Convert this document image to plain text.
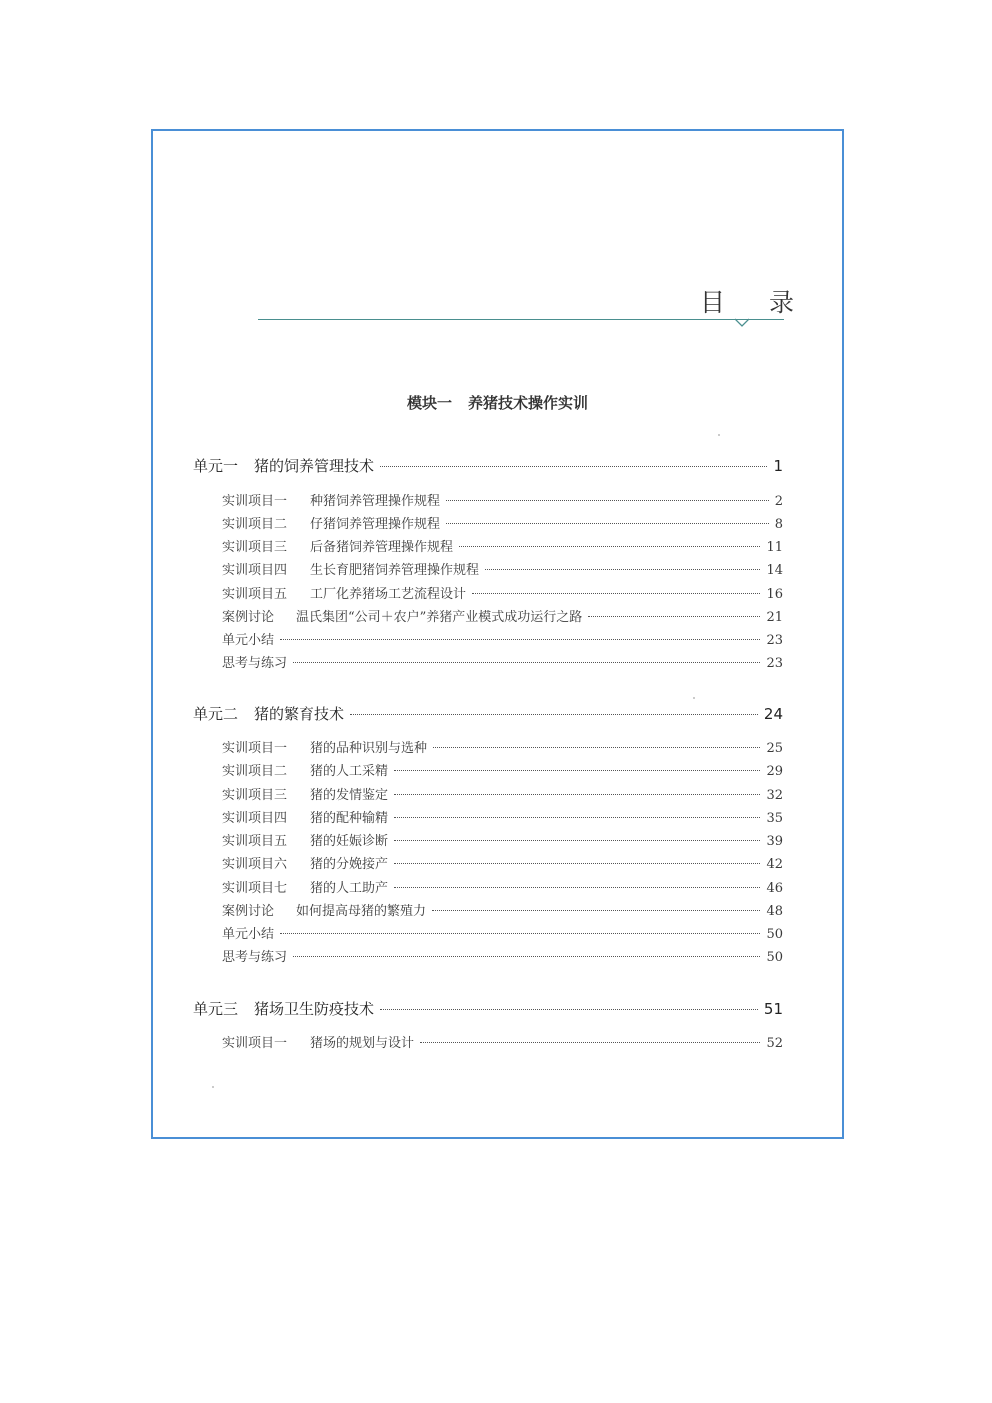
目 录
模块一 养猪技术操作实训
单元一 猪的饲养管理技术	1
实训项目一	种猪饲养管理操作规程	2
实训项目二	仔猪饲养管理操作规程	8
实训项目三	后备猪饲养管理操作规程	11
实训项目四	生长育肥猪饲养管理操作规程	14
实训项目五	工厂化养猪场工艺流程设计	16
案例讨论	温氏集团“公司＋农户”养猪产业模式成功运行之路	21
单元小结	23
思考与练习	23
单元二 猪的繁育技术	24
实训项目一	猪的品种识别与选种	25
实训项目二	猪的人工采精	29
实训项目三	猪的发情鉴定	32
实训项目四	猪的配种输精	35
实训项目五	猪的妊娠诊断	39
实训项目六	猪的分娩接产	42
实训项目七	猪的人工助产	46
案例讨论	如何提高母猪的繁殖力	48
单元小结	50
思考与练习	50
单元三 猪场卫生防疫技术	51
实训项目一	猪场的规划与设计	52
